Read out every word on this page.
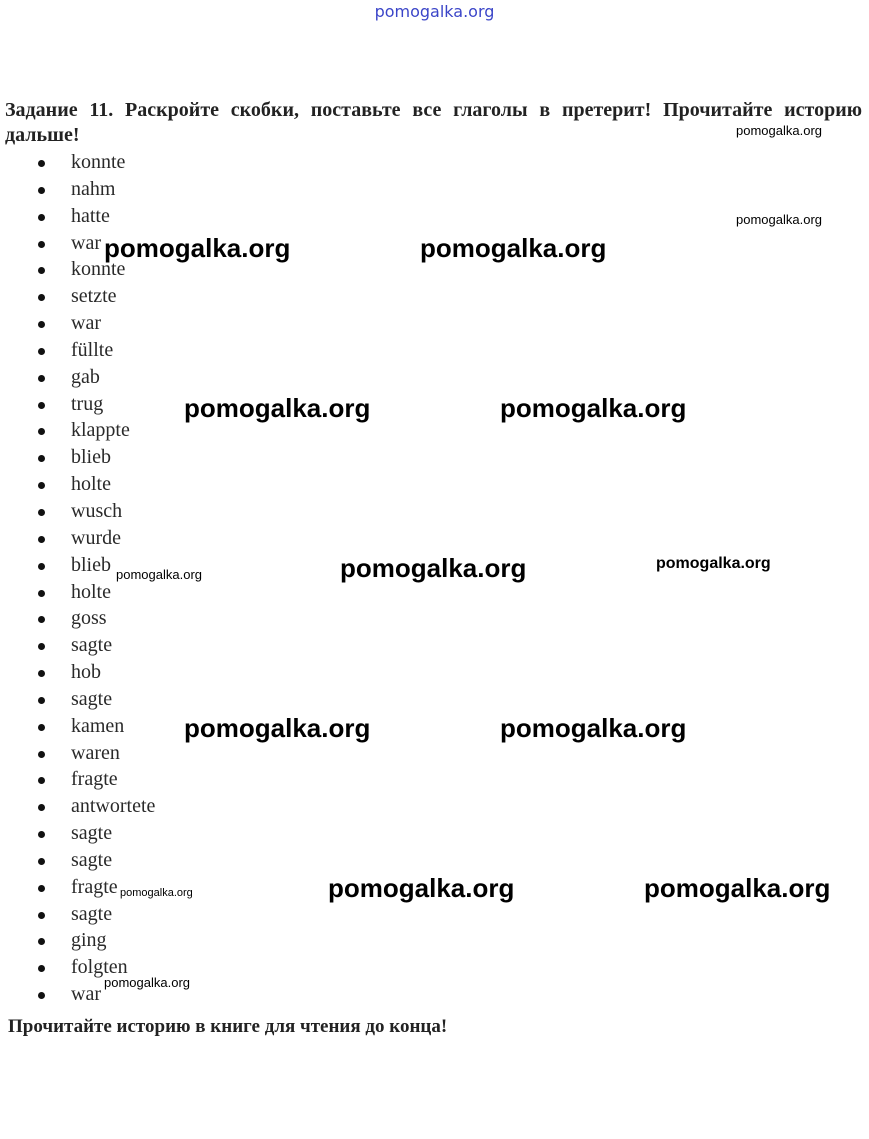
pomogalka.org
Задание 11. Раскройте скобки, поставьте все глаголы в претерит! Прочитайте историю дальше!
konnte
nahm
hatte
war
konnte
setzte
war
füllte
gab
trug
klappte
blieb
holte
wusch
wurde
blieb
holte
goss
sagte
hob
sagte
kamen
waren
fragte
antwortete
sagte
sagte
fragte
sagte
ging
folgten
war
Прочитайте историю в книге для чтения до конца!
pomogalka.org
pomogalka.org
pomogalka.org	pomogalka.org
pomogalka.org	pomogalka.org
pomogalka.org	pomogalka.org	pomogalka.org
pomogalka.org	pomogalka.org
pomogalka.org	pomogalka.org	pomogalka.org
pomogalka.org
